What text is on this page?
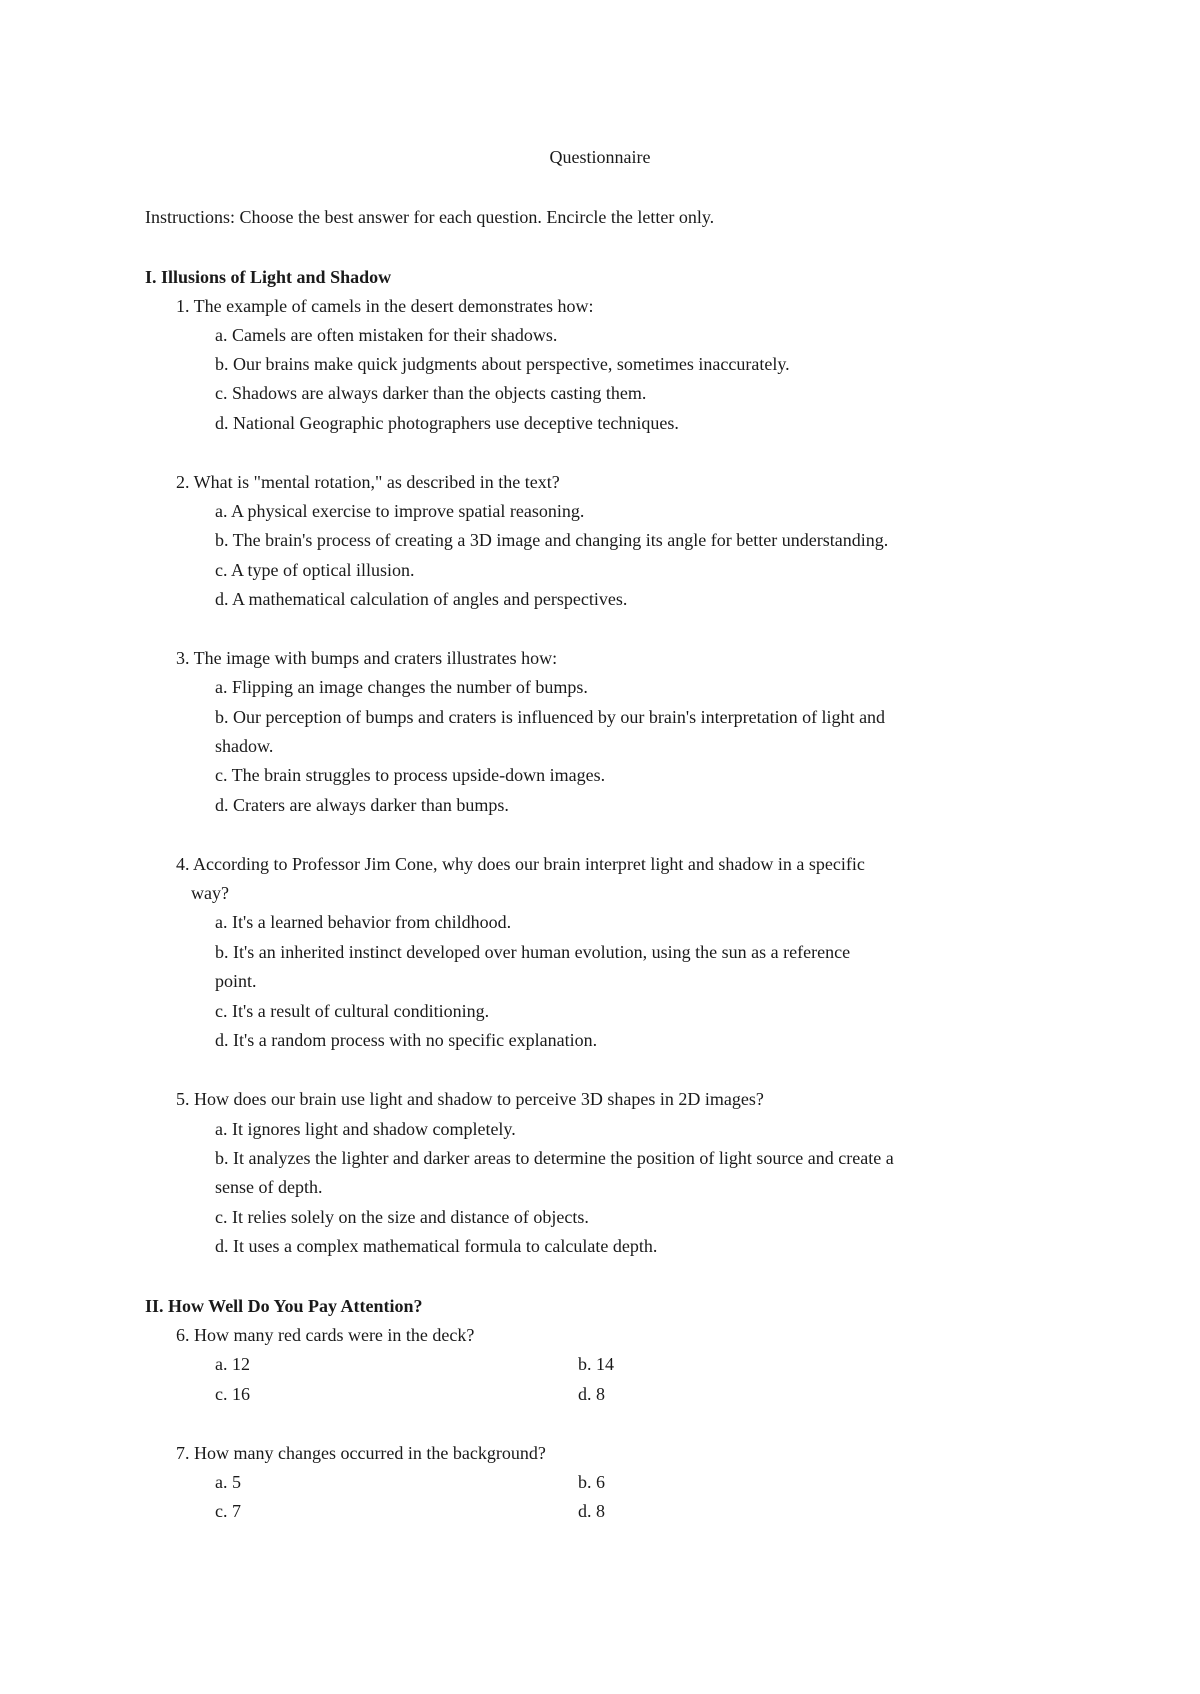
Questionnaire
Instructions: Choose the best answer for each question. Encircle the letter only.
I. Illusions of Light and Shadow
1. The example of camels in the desert demonstrates how:
a. Camels are often mistaken for their shadows.
b. Our brains make quick judgments about perspective, sometimes inaccurately.
c. Shadows are always darker than the objects casting them.
d. National Geographic photographers use deceptive techniques.
2. What is "mental rotation," as described in the text?
a. A physical exercise to improve spatial reasoning.
b. The brain's process of creating a 3D image and changing its angle for better understanding.
c. A type of optical illusion.
d. A mathematical calculation of angles and perspectives.
3. The image with bumps and craters illustrates how:
a. Flipping an image changes the number of bumps.
b. Our perception of bumps and craters is influenced by our brain's interpretation of light and
shadow.
c. The brain struggles to process upside-down images.
d. Craters are always darker than bumps.
4. According to Professor Jim Cone, why does our brain interpret light and shadow in a specific
way?
a. It's a learned behavior from childhood.
b. It's an inherited instinct developed over human evolution, using the sun as a reference
point.
c. It's a result of cultural conditioning.
d. It's a random process with no specific explanation.
5. How does our brain use light and shadow to perceive 3D shapes in 2D images?
a. It ignores light and shadow completely.
b. It analyzes the lighter and darker areas to determine the position of light source and create a
sense of depth.
c. It relies solely on the size and distance of objects.
d. It uses a complex mathematical formula to calculate depth.
II. How Well Do You Pay Attention?
6. How many red cards were in the deck?
a. 12	b. 14
c. 16	d. 8
7. How many changes occurred in the background?
a. 5	b. 6
c. 7	d. 8
